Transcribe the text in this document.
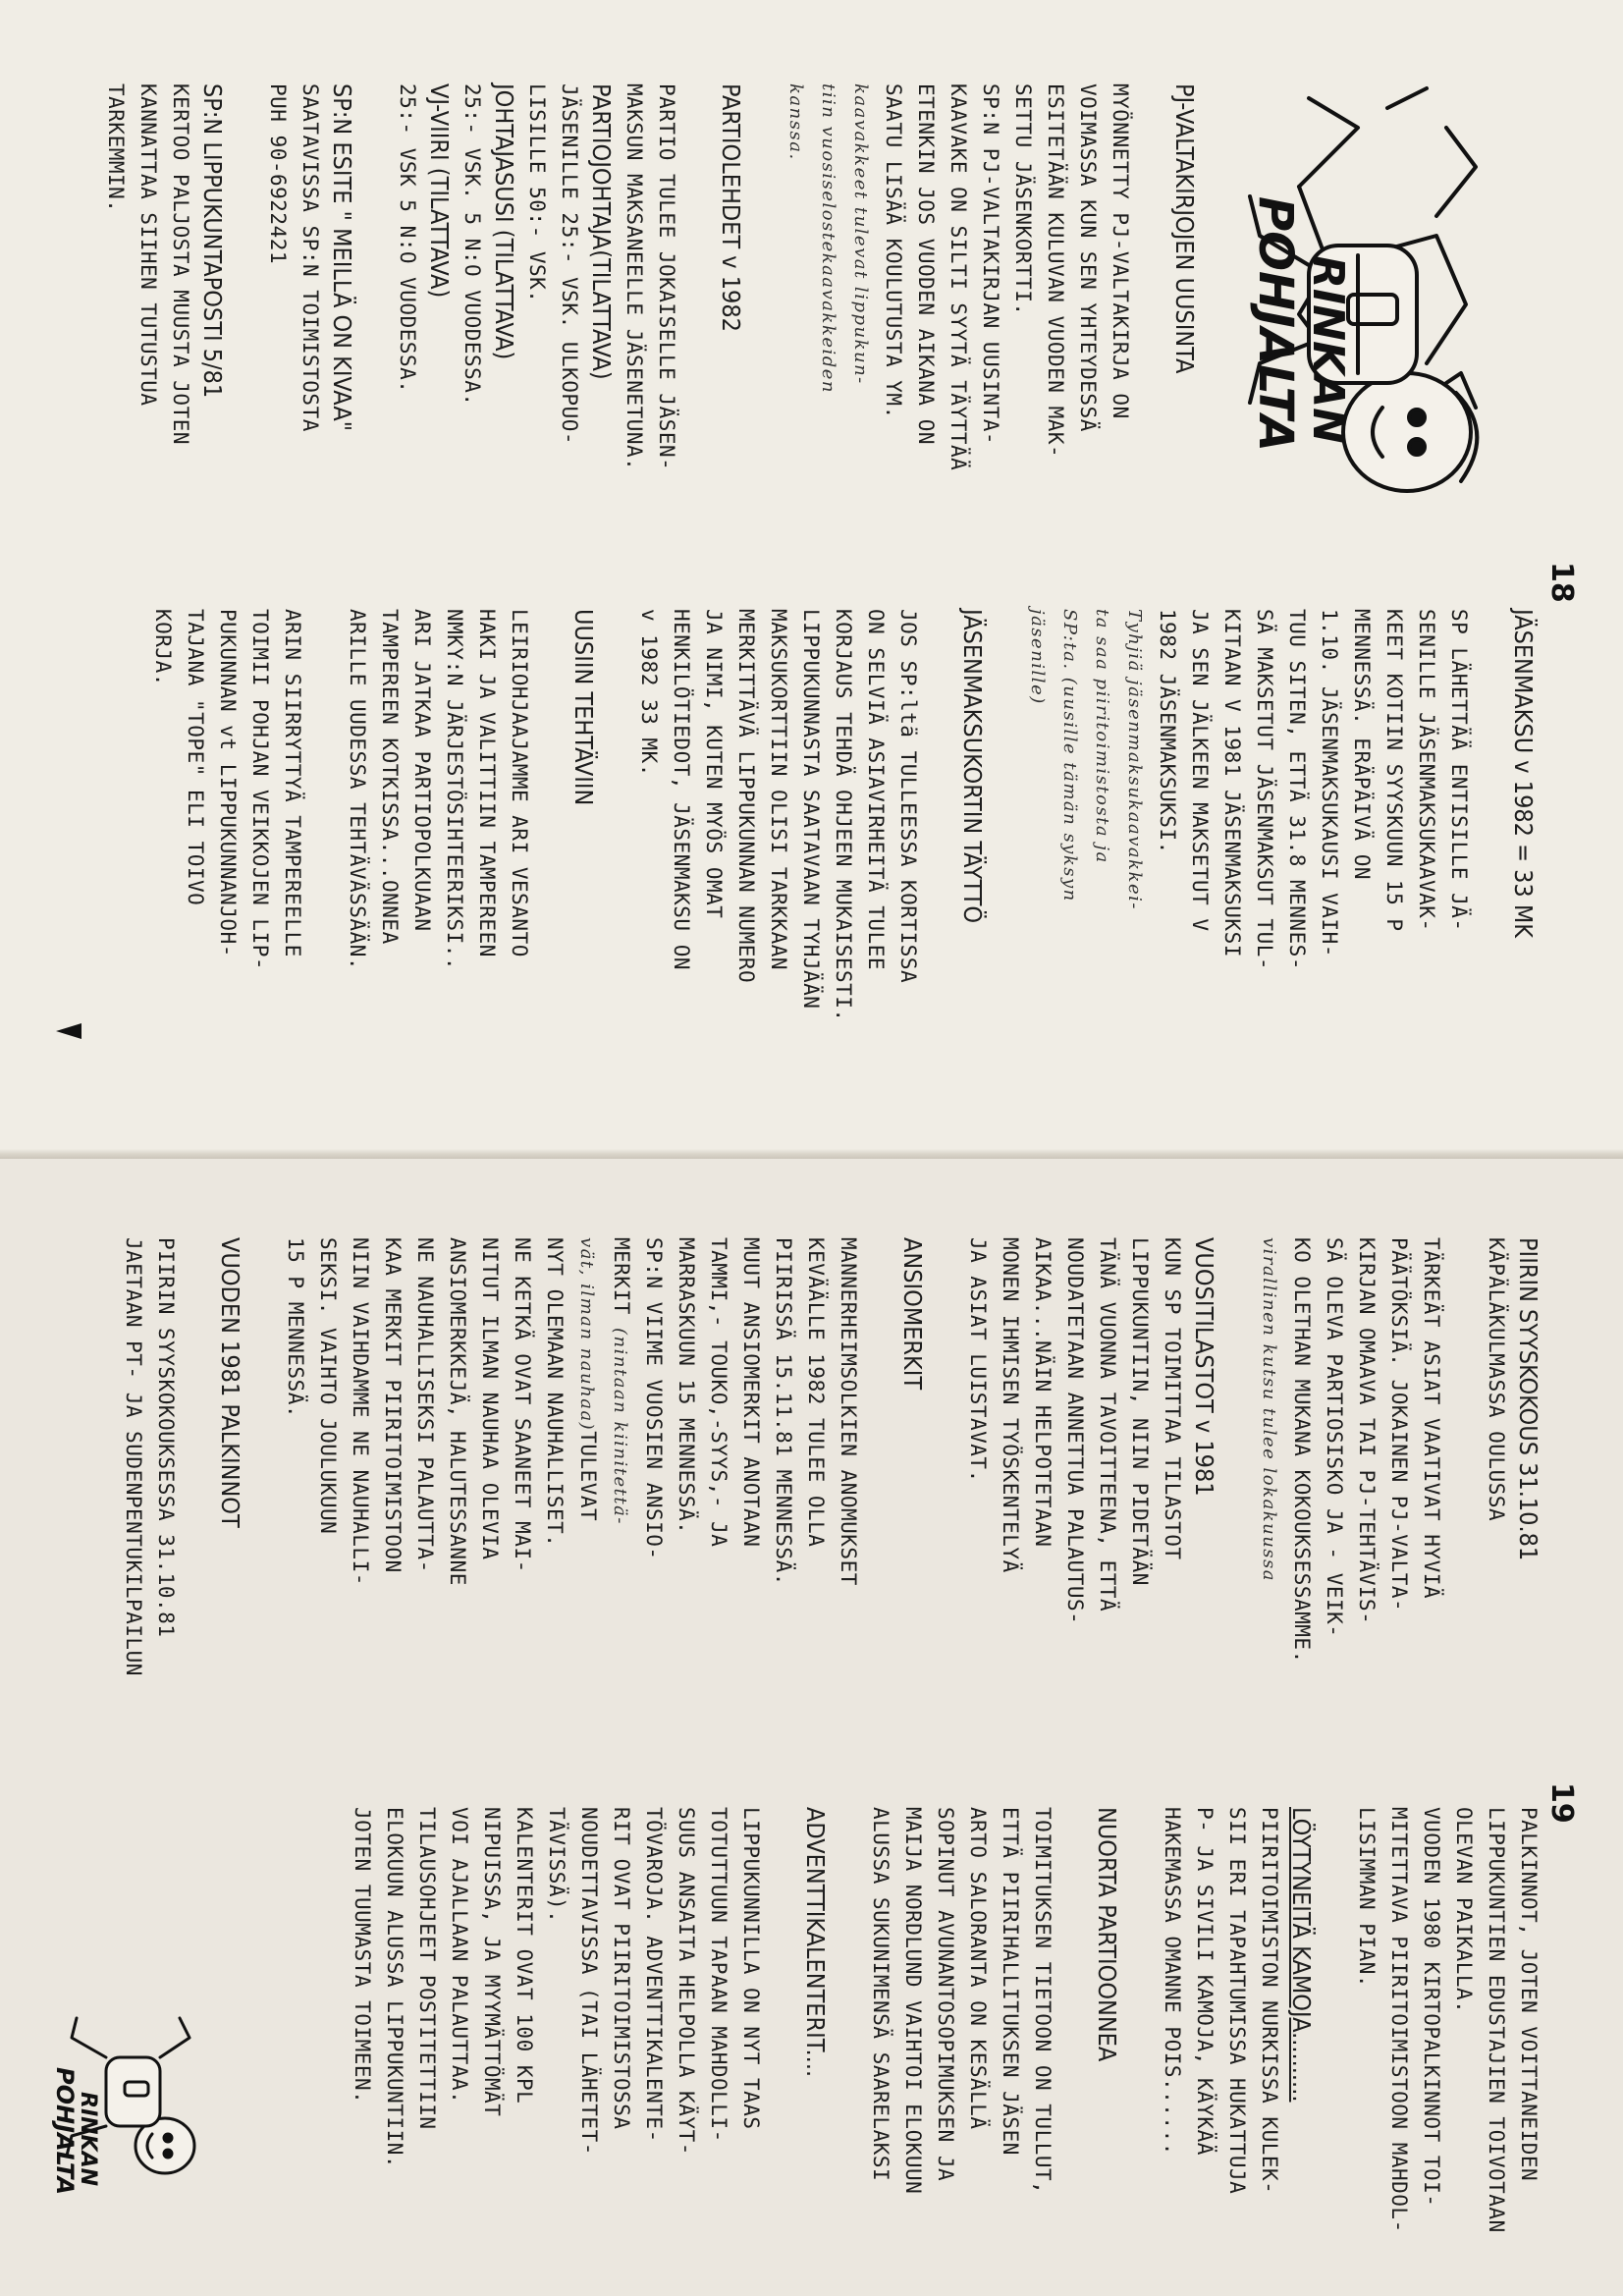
RINKAN
POHJALTA
PJ-VALTAKIRJOJEN UUSINTA
MYÖNNETTY PJ-VALTAKIRJA ON
VOIMASSA KUN SEN YHTEYDESSÄ
ESITETÄÄN KULUVAN VUODEN MAK-
SETTU JÄSENKORTTI.
SP:N PJ-VALTAKIRJAN UUSINTA-
KAAVAKE ON SILTI SYYTÄ TÄYTTÄÄ
ETENKIN JOS VUODEN AIKANA ON
SAATU LISÄÄ KOULUTUSTA YM.
kaavakkeet tulevat lippukun-
tiin vuosiselostekaavakkeiden
kanssa.
PARTIOLEHDET v 1982
PARTIO TULEE JOKAISELLE JÄSEN-
MAKSUN MAKSANEELLE JÄSENETUNA.
PARTIOJOHTAJA(TILATTAVA)
JÄSENILLE 25:- VSK. ULKOPUO-
LISILLE 50:- VSK.
JOHTAJASUSI (TILATTAVA)
25:- VSK. 5 N:O VUODESSA.
VJ-VIIRI (TILATTAVA)
25:- VSK 5 N:O VUODESSA.
SP:N ESITE " MEILLÄ ON KIVAA"
SAATAVISSA SP:N TOIMISTOSTA
PUH 90-6922421
SP:N LIPPUKUNTAPOSTI 5/81
KERTOO PALJOSTA MUUSTA JOTEN
KANNATTAA SIIHEN TUTUSTUA
TARKEMMIN.
JÄSENMAKSU v 1982 = 33 MK
SP LÄHETTÄÄ ENTISILLE JÄ-
SENILLE JÄSENMAKSUKAAVAK-
KEET KOTIIN SYYSKUUN 15 P
MENNESSÄ. ERÄPÄIVÄ ON
1.10. JÄSENMAKSUKAUSI VAIH-
TUU SITEN, ETTÄ 31.8 MENNES-
SÄ MAKSETUT JÄSENMAKSUT TUL-
KITAAN V 1981 JÄSENMAKSUKSI
JA SEN JÄLKEEN MAKSETUT V
1982 JÄSENMAKSUKSI.
Tyhjiä jäsenmaksukaavakkei-
ta saa piiritoimistosta ja
SP:ta. (uusille tämän syksyn
jäsenille)
JÄSENMAKSUKORTIN TÄYTTÖ
JOS SP:ltä TULLEESSA KORTISSA
ON SELVIÄ ASIAVIRHEITÄ TULEE
KORJAUS TEHDÄ OHJEEN MUKAISESTI.
LIPPUKUNNASTA SAATAVAAN TYHJÄÄN
MAKSUKORTTIIN OLISI TARKKAAN
MERKITTÄVÄ LIPPUKUNNAN NUMERO
JA NIMI, KUTEN MYÖS OMAT
HENKILÖTIEDOT, JÄSENMAKSU ON
v 1982 33 MK.
UUSIIN TEHTÄVIIN
LEIRIOHJAAJAMME ARI VESANTO
HAKI JA VALITTIIN TAMPEREEN
NMKY:N JÄRJESTÖSIHTEERIKSI..
ARI JATKAA PARTIOPOLKUAAN
TAMPEREEN KOTKISSA...ONNEA
ARILLE UUDESSA TEHTÄVÄSSÄÄN.
ARIN SIIRRYTTYÄ TAMPEREELLE
TOIMII POHJAN VEIKKOJEN LIP-
PUKUNNAN vt LIPPUKUNNANJOH-
TAJANA "TOPE" ELI TOIVO
KORJA.
18
PIIRIN SYYSKOKOUS 31.10.81
KÄPÄLÄKULMASSA OULUSSA
TÄRKEÄT ASIAT VAATIVAT HYVIÄ
PÄÄTÖKSIÄ. JOKAINEN PJ-VALTA-
KIRJAN OMAAVA TAI PJ-TEHTÄVIS-
SÄ OLEVA PARTIOSISKO JA - VEIK-
KO OLETHAN MUKANA KOKOUKSESSAMME.
virallinen kutsu tulee lokakuussa
VUOSITILASTOT v 1981
KUN SP TOIMITTAA TILASTOT
LIPPUKUNTIIN, NIIN PIDETÄÄN
TÄNÄ VUONNA TAVOITTEENA, ETTÄ
NOUDATETAAN ANNETTUA PALAUTUS-
AIKAA...NÄIN HELPOTETAAN
MONEN IHMISEN TYÖSKENTELYÄ
JA ASIAT LUISTAVAT.
ANSIOMERKIT
MANNERHEIMSOLKIEN ANOMUKSET
KEVÄÄLLE 1982 TULEE OLLA
PIIRISSÄ 15.11.81 MENNESSÄ.
MUUT ANSIOMERKIT ANOTAAN
TAMMI,- TOUKO,-SYYS,- JA
MARRASKUUN 15 MENNESSÄ.
SP:N VIIME VUOSIEN ANSIO-
MERKIT (nintaan kiinitettä-
vät, ilman nauhaa)TULEVAT
NYT OLEMAAN NAUHALLISET.
NE KETKÄ OVAT SAANEET MAI-
NITUT ILMAN NAUHAA OLEVIA
ANSIOMERKKEJÄ, HALUTESSANNE
NE NAUHALLISEKSI PALAUTTA-
KAA MERKIT PIIRITOIMISTOON
NIIN VAIHDAMME NE NAUHALLI-
SEKSI. VAIHTO JOULUKUUN
15 P MENNESSÄ.
VUODEN 1981 PALKINNOT
PIIRIN SYYSKOKOUKSESSA 31.10.81
JAETAAN PT- JA SUDENPENTUKILPAILUN
PALKINNOT, JOTEN VOITTANEIDEN
LIPPUKUNTIEN EDUSTAJIEN TOIVOTAAN
OLEVAN PAIKALLA.
VUODEN 1980 KIRTOPALKINNOT TOI-
MITETTAVA PIIRITOIMISTOON MAHDOL-
LISIMMAN PIAN.
LÖYTYNEITÄ KAMOJA..........
PIIRITOIMISTON NURKISSA KULEK-
SII ERI TAPAHTUMISSA HUKATTUJA
P- JA SIVILI KAMOJA, KÄYKÄÄ
HAKEMASSA OMANNE POIS......
NUORTA PARTIOONNEA
TOIMITUKSEN TIETOON ON TULLUT,
ETTÄ PIIRIHALLITUKSEN JÄSEN
ARTO SALORANTA ON KESÄLLÄ
SOPINUT AVUNANTOSOPIMUKSEN JA
MAIJA NORDLUND VAIHTOI ELOKUUN
ALUSSA SUKUNIMENSÄ SAARELAKSI
ADVENTTIKALENTERIT....
LIPPUKUNNILLA ON NYT TAAS
TOTUTTUUN TAPAAN MAHDOLLI-
SUUS ANSAITA HELPOLLA KÄYT-
TÖVAROJA. ADVENTTIKALENTE-
RIT OVAT PIIRITOIMISTOSSA
NOUDETTAVISSA (TAI LÄHETET-
TÄVISSÄ).
KALENTERIT OVAT 100 KPL
NIPUISSA, JA MYYMÄTTÖMÄT
VOI AJALLAAN PALAUTTAA.
TILAUSOHJEET POSTITETTIIN
ELOKUUN ALUSSA LIPPUKUNTIIN.
JOTEN TUUMASTA TOIMEEN.
19
RINKAN
POHJALTA
